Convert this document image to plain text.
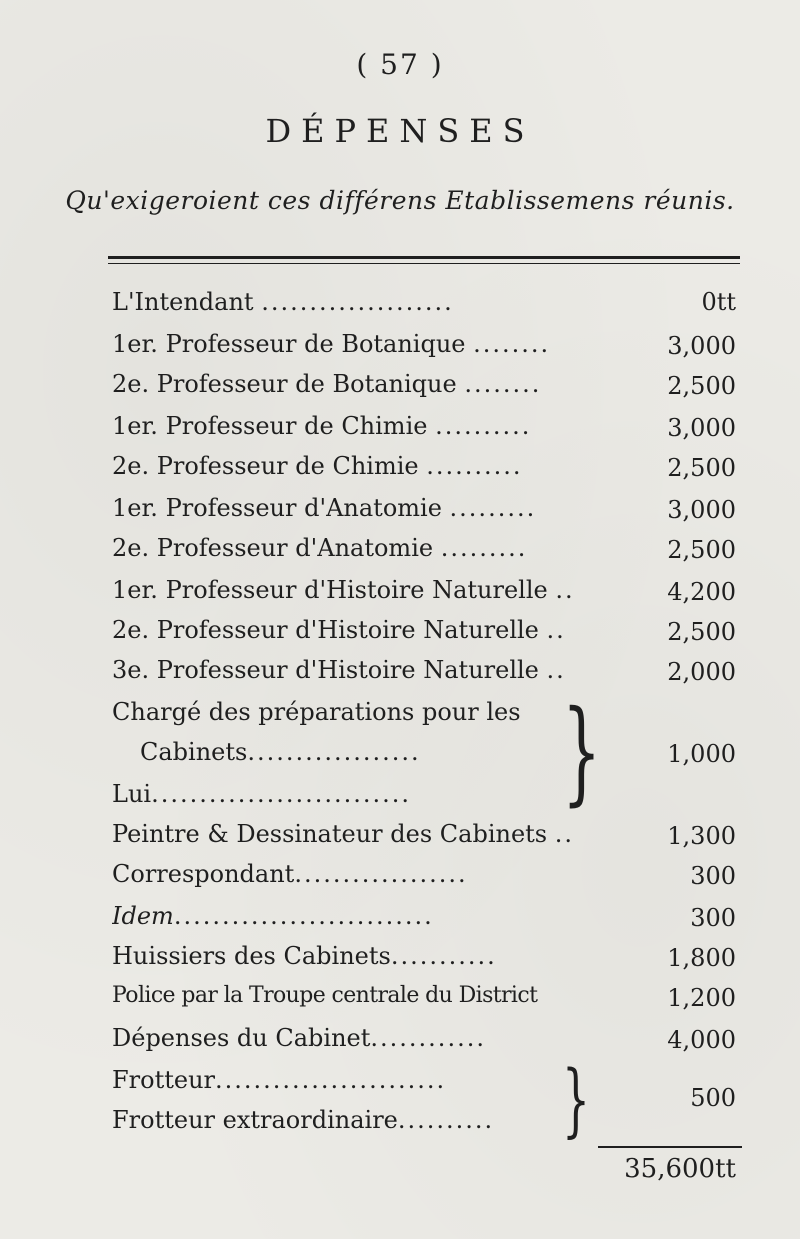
( 57 )
DÉPENSES
Qu'exigeroient ces différens Etablissemens réunis.
L'Intendant ....................	0tt
1er. Professeur de Botanique ........	3,000
2e. Professeur de Botanique ........	2,500
1er. Professeur de Chimie ..........	3,000
2e. Professeur de Chimie ..........	2,500
1er. Professeur d'Anatomie .........	3,000
2e. Professeur d'Anatomie .........	2,500
1er. Professeur d'Histoire Naturelle ..	4,200
2e. Professeur d'Histoire Naturelle ..	2,500
3e. Professeur d'Histoire Naturelle ..	2,000
Chargé des préparations pour les
Cabinets..................
Lui...........................	}	1,000
Peintre & Dessinateur des Cabinets ..	1,300
Correspondant..................	300
Idem...........................	300
Huissiers des Cabinets...........	1,800
Police par la Troupe centrale du District	1,200
Dépenses du Cabinet............	4,000
Frotteur........................
Frotteur extraordinaire.......... }	500
35,600tt
